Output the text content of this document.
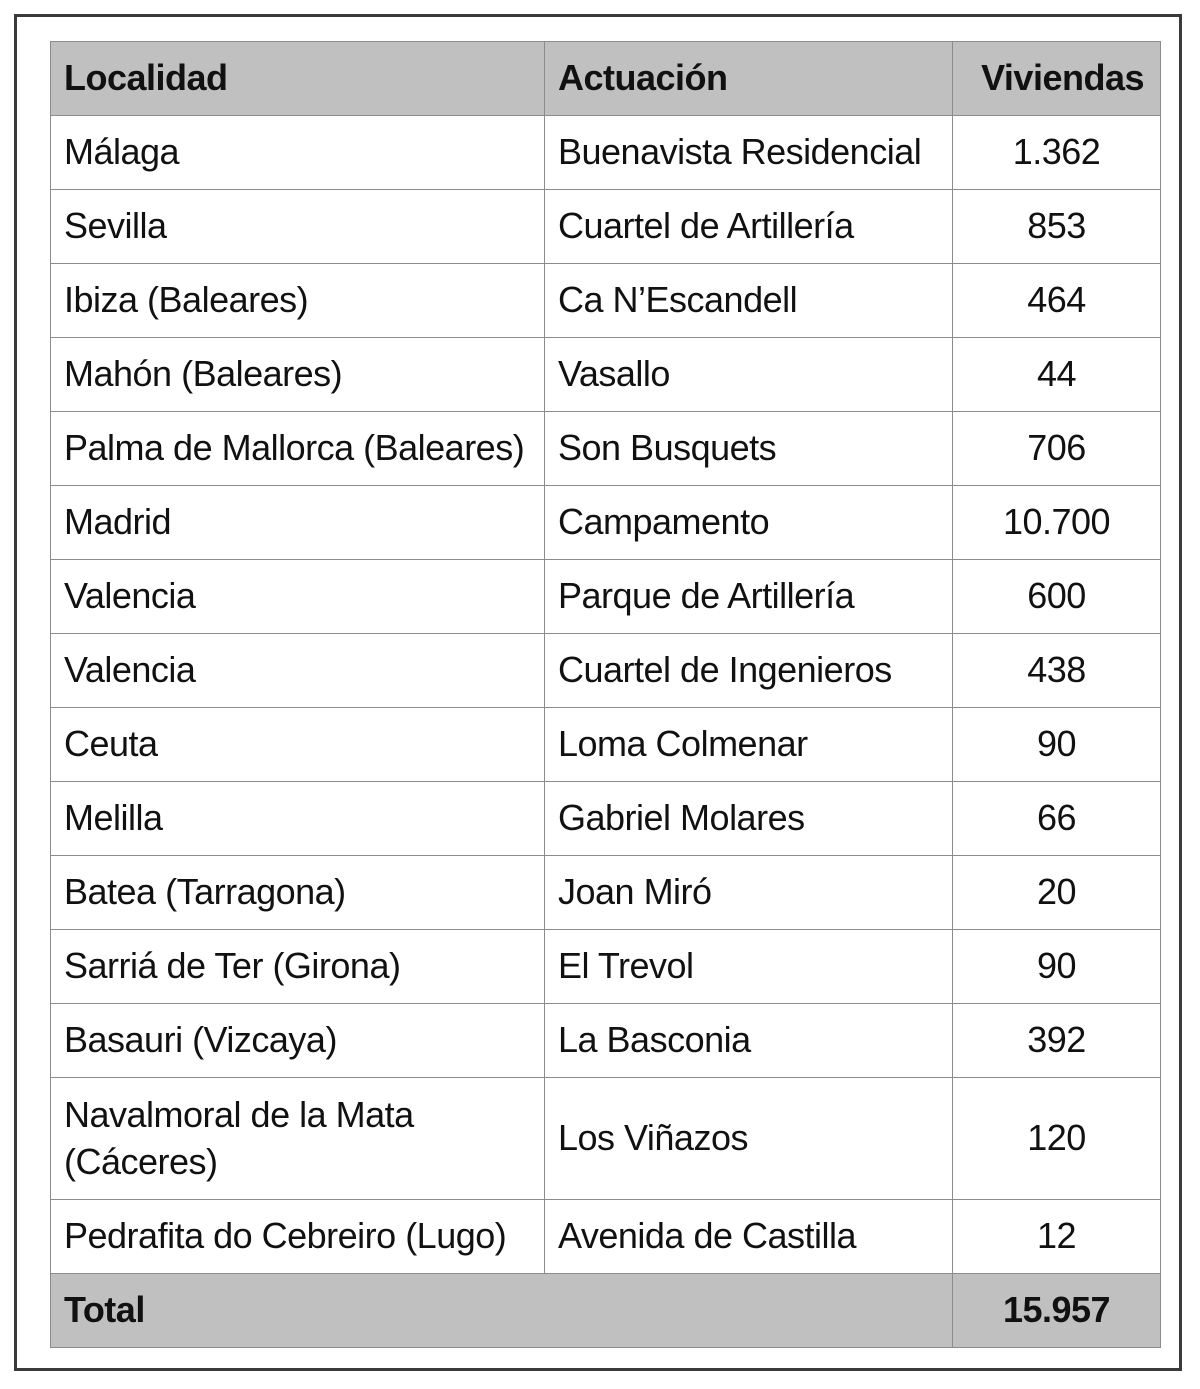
Localidad	Actuación	Viviendas
Málaga	Buenavista Residencial	1.362
Sevilla	Cuartel de Artillería	853
Ibiza (Baleares)	Ca N’Escandell	464
Mahón (Baleares)	Vasallo	44
Palma de Mallorca (Baleares)	Son Busquets	706
Madrid	Campamento	10.700
Valencia	Parque de Artillería	600
Valencia	Cuartel de Ingenieros	438
Ceuta	Loma Colmenar	90
Melilla	Gabriel Molares	66
Batea (Tarragona)	Joan Miró	20
Sarriá de Ter (Girona)	El Trevol	90
Basauri (Vizcaya)	La Basconia	392
Navalmoral de la Mata (Cáceres)	Los Viñazos	120
Pedrafita do Cebreiro (Lugo)	Avenida de Castilla	12
Total		15.957
